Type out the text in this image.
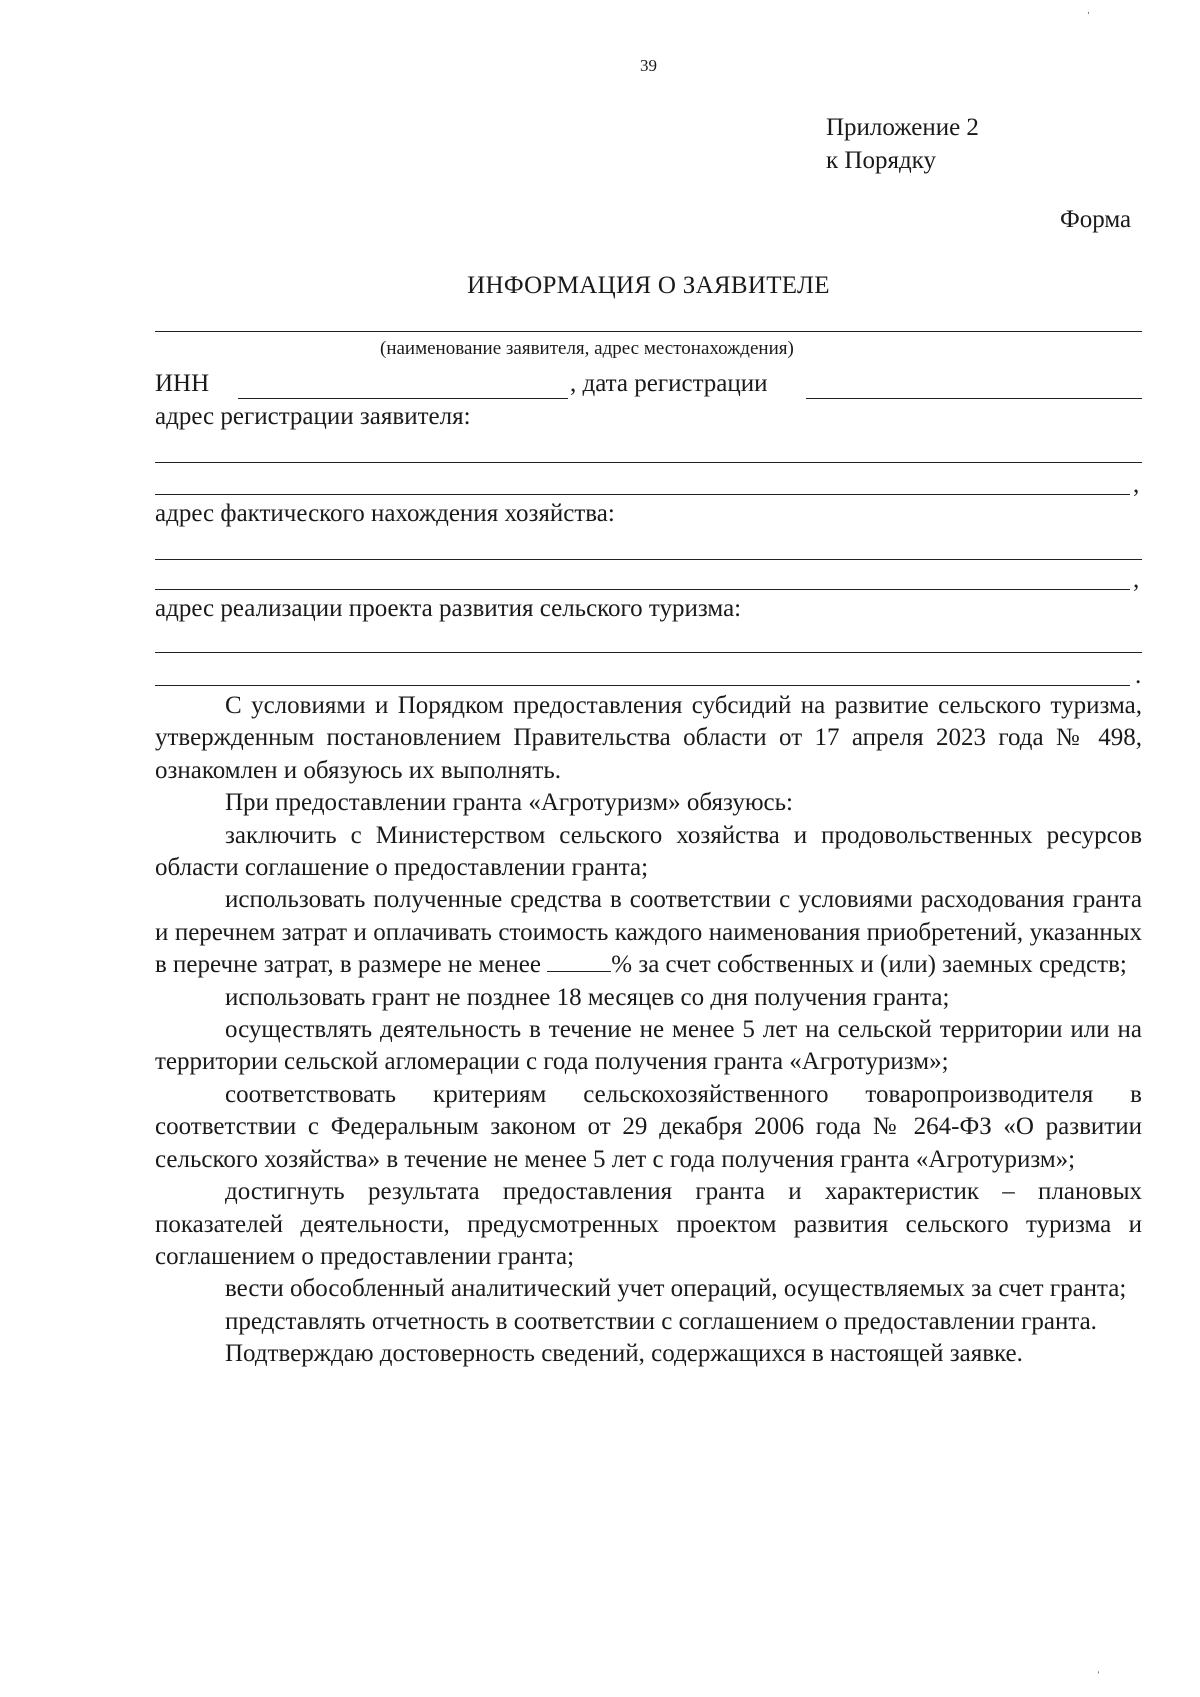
39
Приложение 2
к Порядку
Форма
ИНФОРМАЦИЯ О ЗАЯВИТЕЛЕ
(наименование заявителя, адрес местонахождения)
ИНН	, дата регистрации
адрес регистрации заявителя:
,
адрес фактического нахождения хозяйства:
,
адрес реализации проекта развития сельского туризма:
.

С условиями и Порядком предоставления субсидий на развитие сельского туризма, утвержденным постановлением Правительства области от 17 апреля 2023 года № 498, ознакомлен и обязуюсь их выполнять.

При предоставлении гранта «Агротуризм» обязуюсь:

заключить с Министерством сельского хозяйства и продовольственных ресурсов области соглашение о предоставлении гранта;

использовать полученные средства в соответствии с условиями расходования гранта и перечнем затрат и оплачивать стоимость каждого наименования приобретений, указанных в перечне затрат, в размере не менее	% за счет собственных и (или) заемных средств;

использовать грант не позднее 18 месяцев со дня получения гранта;

осуществлять деятельность в течение не менее 5 лет на сельской территории или на территории сельской агломерации с года получения гранта «Агротуризм»;

соответствовать критериям сельскохозяйственного товаропроизводителя в соответствии с Федеральным законом от 29 декабря 2006 года № 264-ФЗ «О развитии сельского хозяйства» в течение не менее 5 лет с года получения гранта «Агротуризм»;

достигнуть результата предоставления гранта и характеристик – плановых показателей деятельности, предусмотренных проектом развития сельского туризма и соглашением о предоставлении гранта;

вести обособленный аналитический учет операций, осуществляемых за счет гранта;

представлять отчетность в соответствии с соглашением о предоставлении гранта.

Подтверждаю достоверность сведений, содержащихся в настоящей заявке.

ˌ
ˈ
